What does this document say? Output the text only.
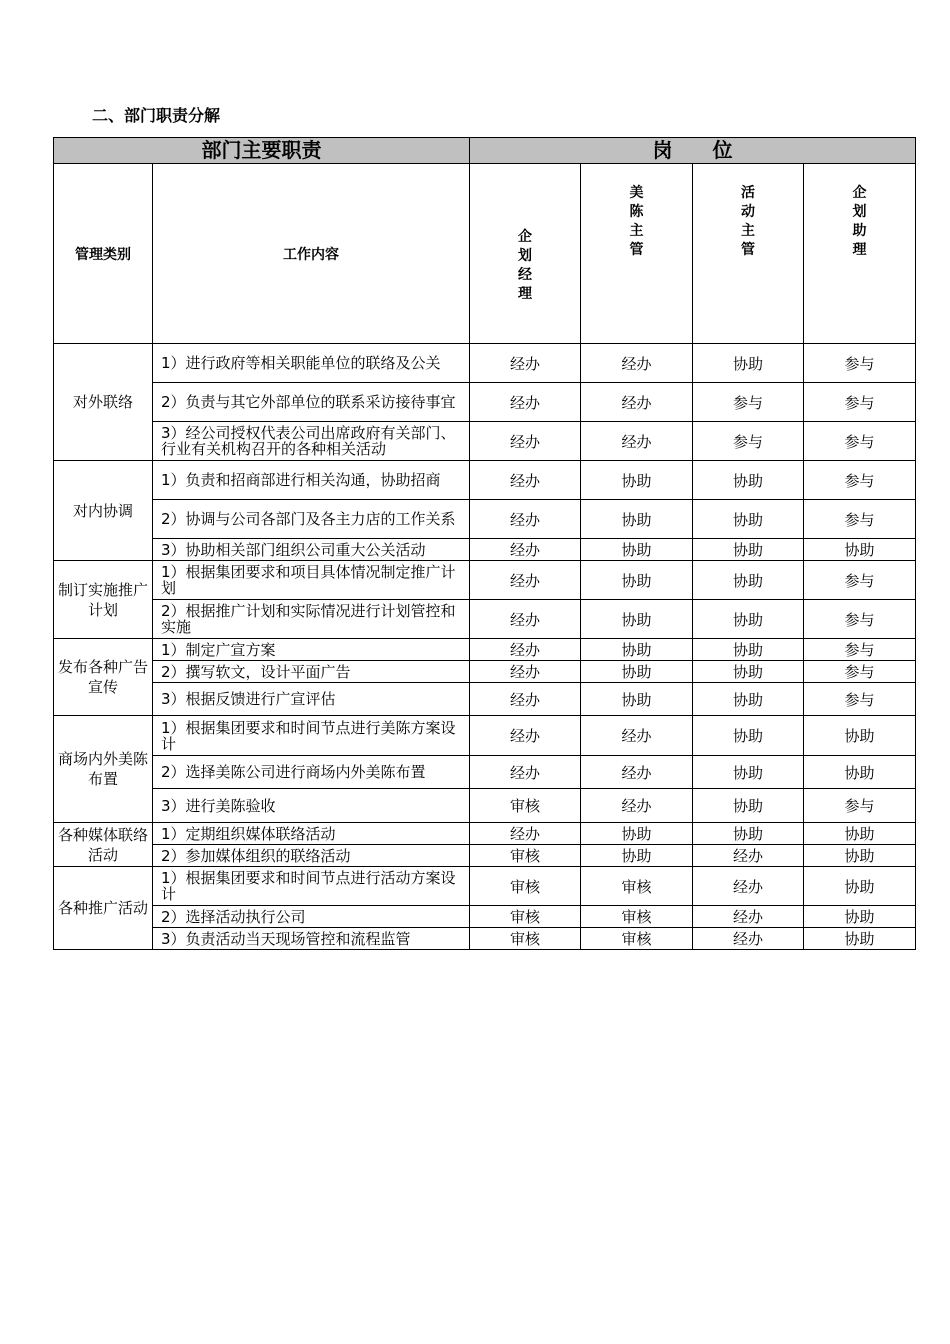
二、部门职责分解
部门主要职责		岗位			
管理类别	工作内容	企划经理	美陈主管	活动主管	企划助理
对外联络	1）进行政府等相关职能单位的联络及公关	经办	经办	协助	参与
	2）负责与其它外部单位的联系采访接待事宜	经办	经办	参与	参与
	3）经公司授权代表公司出席政府有关部门、行业有关机构召开的各种相关活动	经办	经办	参与	参与
对内协调	1）负责和招商部进行相关沟通，协助招商	经办	协助	协助	参与
	2）协调与公司各部门及各主力店的工作关系	经办	协助	协助	参与
	3）协助相关部门组织公司重大公关活动	经办	协助	协助	协助
制订实施推广计划	1）根据集团要求和项目具体情况制定推广计划	经办	协助	协助	参与
	2）根据推广计划和实际情况进行计划管控和实施	经办	协助	协助	参与
发布各种广告宣传	1）制定广宣方案	经办	协助	协助	参与
	2）撰写软文，设计平面广告	经办	协助	协助	参与
	3）根据反馈进行广宣评估	经办	协助	协助	参与
商场内外美陈布置	1）根据集团要求和时间节点进行美陈方案设计	经办	经办	协助	协助
	2）选择美陈公司进行商场内外美陈布置	经办	经办	协助	协助
	3）进行美陈验收	审核	经办	协助	参与
各种媒体联络活动	1）定期组织媒体联络活动	经办	协助	协助	协助
	2）参加媒体组织的联络活动	审核	协助	经办	协助
各种推广活动	1）根据集团要求和时间节点进行活动方案设计	审核	审核	经办	协助
	2）选择活动执行公司	审核	审核	经办	协助
	3）负责活动当天现场管控和流程监管	审核	审核	经办	协助
